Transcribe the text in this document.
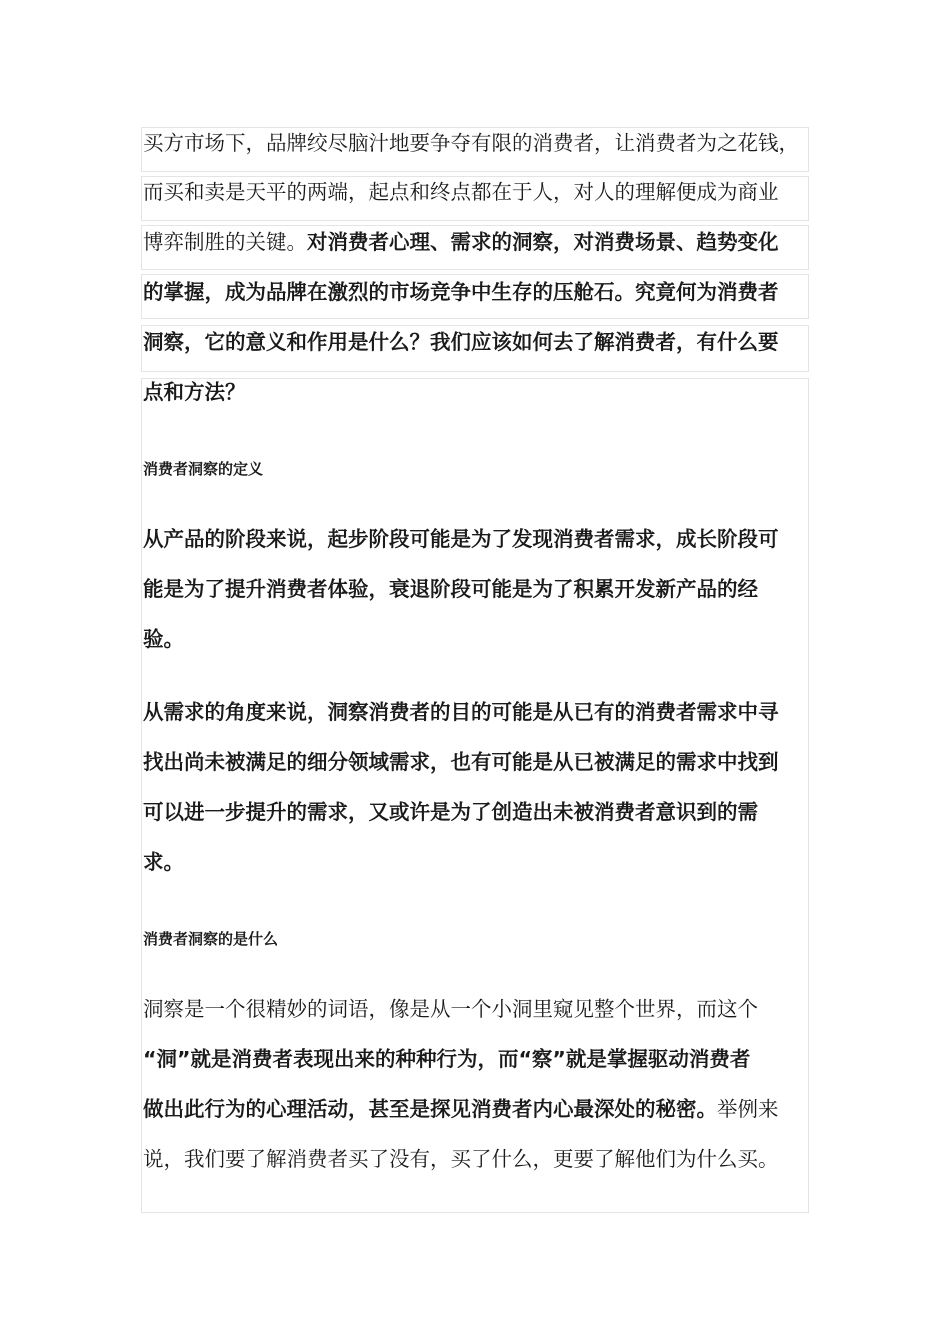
买方市场下，品牌绞尽脑汁地要争夺有限的消费者，让消费者为之花钱，
而买和卖是天平的两端，起点和终点都在于人，对人的理解便成为商业
博弈制胜的关键。对消费者心理、需求的洞察，对消费场景、趋势变化
的掌握，成为品牌在激烈的市场竞争中生存的压舱石。究竟何为消费者
洞察，它的意义和作用是什么？我们应该如何去了解消费者，有什么要
点和方法？
消费者洞察的定义
从产品的阶段来说，起步阶段可能是为了发现消费者需求，成长阶段可
能是为了提升消费者体验，衰退阶段可能是为了积累开发新产品的经
验。
从需求的角度来说，洞察消费者的目的可能是从已有的消费者需求中寻
找出尚未被满足的细分领域需求，也有可能是从已被满足的需求中找到
可以进一步提升的需求，又或许是为了创造出未被消费者意识到的需
求。
消费者洞察的是什么
洞察是一个很精妙的词语，像是从一个小洞里窥见整个世界，而这个
“洞”就是消费者表现出来的种种行为，而“察”就是掌握驱动消费者
做出此行为的心理活动，甚至是探见消费者内心最深处的秘密。举例来
说，我们要了解消费者买了没有，买了什么，更要了解他们为什么买。
